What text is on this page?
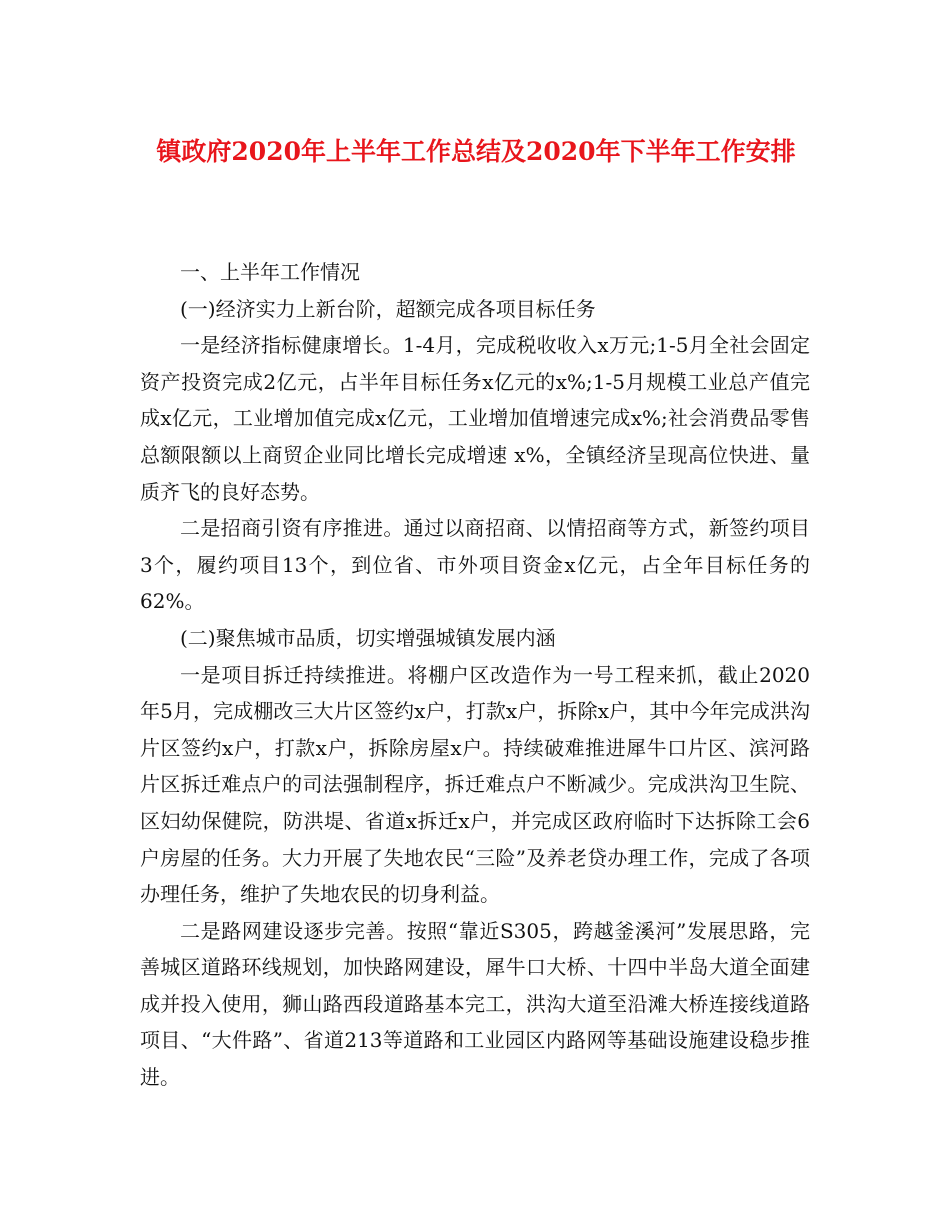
镇政府2020年上半年工作总结及2020年下半年工作安排

一、上半年工作情况

(一)经济实力上新台阶，超额完成各项目标任务

一是经济指标健康增长。1-4月，完成税收收入x万元;1-5月全社会固定资产投资完成2亿元，占半年目标任务x亿元的x%;1-5月规模工业总产值完成x亿元，工业增加值完成x亿元，工业增加值增速完成x%;社会消费品零售总额限额以上商贸企业同比增长完成增速 x%，全镇经济呈现高位快进、量质齐飞的良好态势。

二是招商引资有序推进。通过以商招商、以情招商等方式，新签约项目3个，履约项目13个，到位省、市外项目资金x亿元，占全年目标任务的62%。

(二)聚焦城市品质，切实增强城镇发展内涵

一是项目拆迁持续推进。将棚户区改造作为一号工程来抓，截止2020年5月，完成棚改三大片区签约x户，打款x户，拆除x户，其中今年完成洪沟片区签约x户，打款x户，拆除房屋x户。持续破难推进犀牛口片区、滨河路片区拆迁难点户的司法强制程序，拆迁难点户不断减少。完成洪沟卫生院、区妇幼保健院，防洪堤、省道x拆迁x户，并完成区政府临时下达拆除工会6户房屋的任务。大力开展了失地农民“三险”及养老贷办理工作，完成了各项办理任务，维护了失地农民的切身利益。

二是路网建设逐步完善。按照“靠近S305，跨越釜溪河”发展思路，完善城区道路环线规划，加快路网建设，犀牛口大桥、十四中半岛大道全面建成并投入使用，狮山路西段道路基本完工，洪沟大道至沿滩大桥连接线道路项目、“大件路”、省道213等道路和工业园区内路网等基础设施建设稳步推进。
